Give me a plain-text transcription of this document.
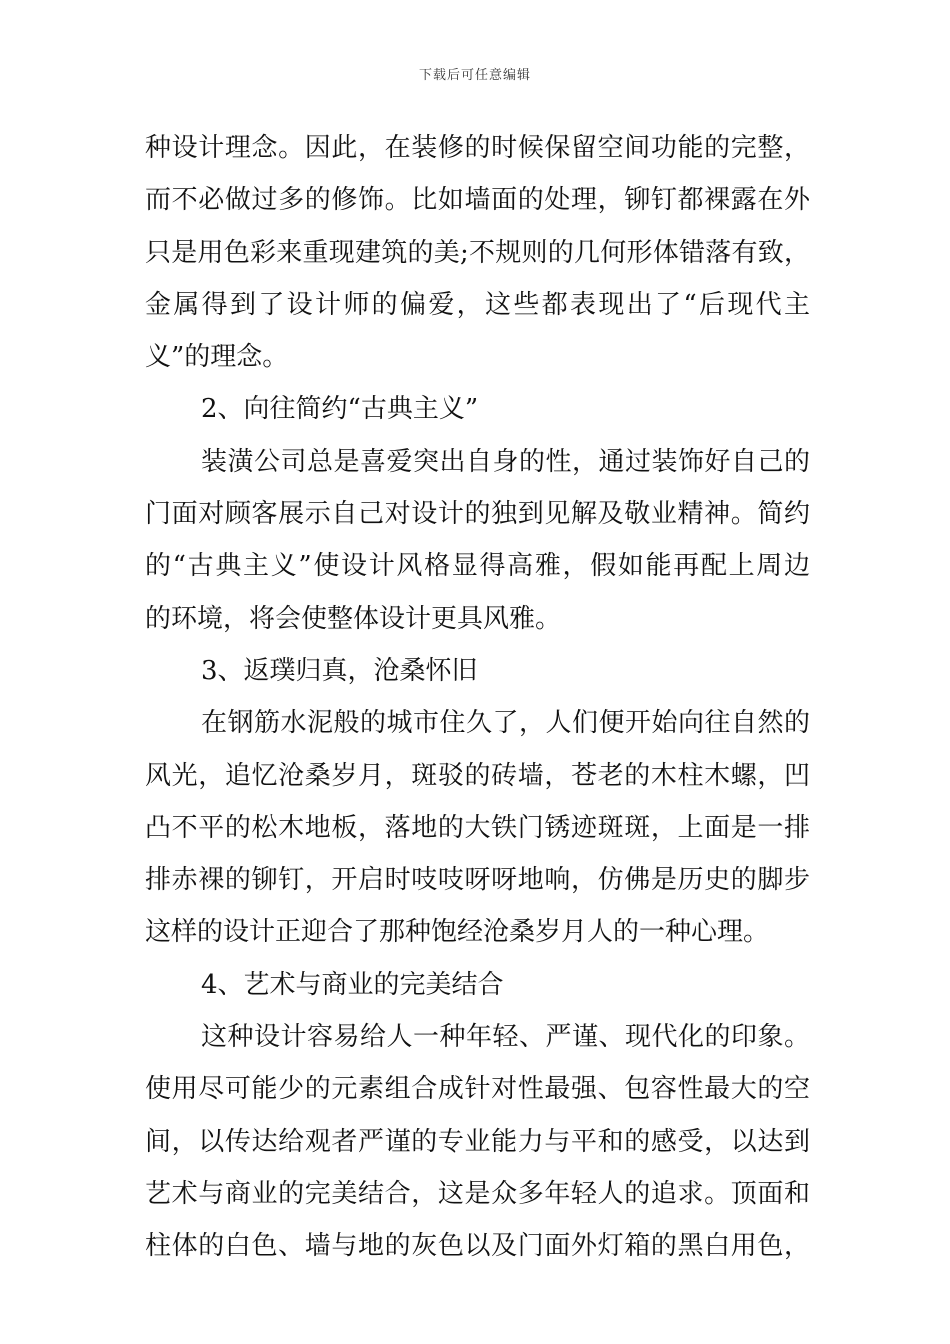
下载后可任意编辑
种设计理念。因此，在装修的时候保留空间功能的完整，
而不必做过多的修饰。比如墙面的处理，铆钉都裸露在外
只是用色彩来重现建筑的美;不规则的几何形体错落有致，
金属得到了设计师的偏爱，这些都表现出了“后现代主
义”的理念。
2、向往简约“古典主义”
装潢公司总是喜爱突出自身的性，通过装饰好自己的
门面对顾客展示自己对设计的独到见解及敬业精神。简约
的“古典主义”使设计风格显得高雅，假如能再配上周边
的环境，将会使整体设计更具风雅。
3、返璞归真，沧桑怀旧
在钢筋水泥般的城市住久了，人们便开始向往自然的
风光，追忆沧桑岁月，斑驳的砖墙，苍老的木柱木螺，凹
凸不平的松木地板，落地的大铁门锈迹斑斑，上面是一排
排赤裸的铆钉，开启时吱吱呀呀地响，仿佛是历史的脚步
这样的设计正迎合了那种饱经沧桑岁月人的一种心理。
4、艺术与商业的完美结合
这种设计容易给人一种年轻、严谨、现代化的印象。
使用尽可能少的元素组合成针对性最强、包容性最大的空
间，以传达给观者严谨的专业能力与平和的感受，以达到
艺术与商业的完美结合，这是众多年轻人的追求。顶面和
柱体的白色、墙与地的灰色以及门面外灯箱的黑白用色，
